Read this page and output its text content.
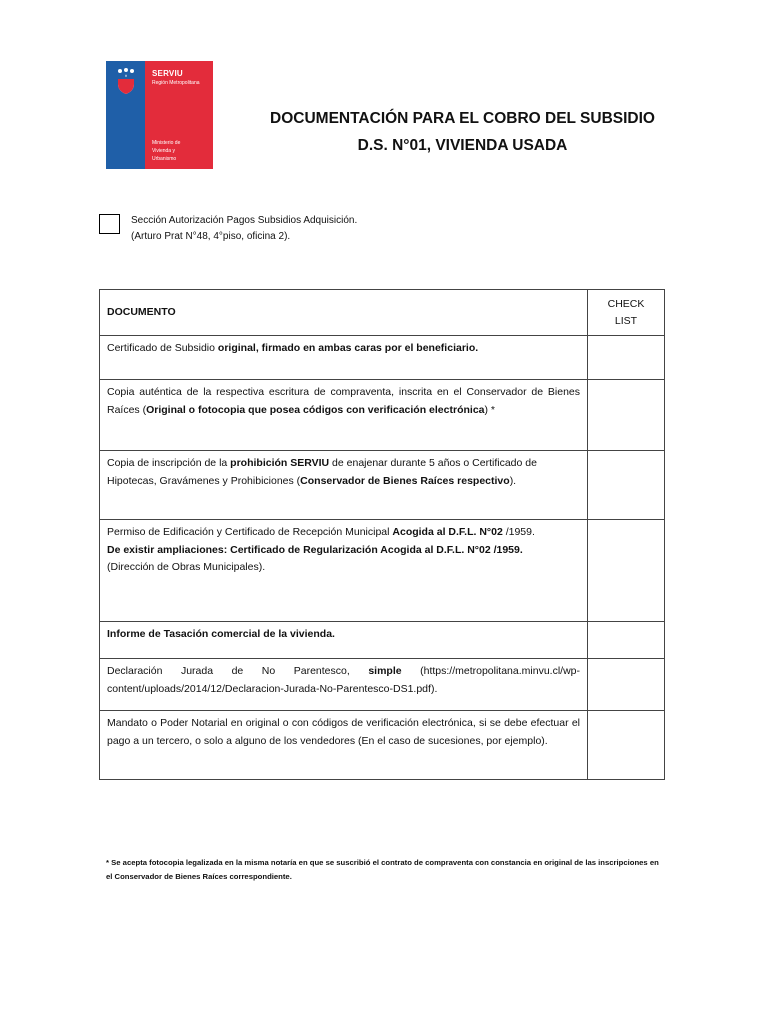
SERVIU
Región Metropolitana
Ministerio de
Vivienda y
Urbanismo
DOCUMENTACIÓN PARA EL COBRO DEL SUBSIDIO
D.S. N°01, VIVIENDA USADA
Sección Autorización Pagos Subsidios Adquisición.
(Arturo Prat N°48, 4°piso, oficina 2).
DOCUMENTO	CHECK
LIST

Certificado de Subsidio original, firmado en ambas caras por el beneficiario.	
Copia auténtica de la respectiva escritura de compraventa, inscrita en el Conservador de Bienes Raíces (Original o fotocopia que posea códigos con verificación electrónica) *	
Copia de inscripción de la prohibición SERVIU de enajenar durante 5 años o Certificado de Hipotecas, Gravámenes y Prohibiciones (Conservador de Bienes Raíces respectivo).	

Permiso de Edificación y Certificado de Recepción Municipal Acogida al D.F.L. N°02 /1959.
De existir ampliaciones: Certificado de Regularización Acogida al D.F.L. N°02 /1959.
(Dirección de Obras Municipales).	

Informe de Tasación comercial de la vivienda.	
Declaración Jurada de No Parentesco, simple (https://metropolitana.minvu.cl/wp-content/uploads/2014/12/Declaracion-Jurada-No-Parentesco-DS1.pdf).	
Mandato o Poder Notarial en original o con códigos de verificación electrónica, si se debe efectuar el pago a un tercero, o solo a alguno de los vendedores (En el caso de sucesiones, por ejemplo).	
* Se acepta fotocopia legalizada en la misma notaría en que se suscribió el contrato de compraventa con constancia en original de las inscripciones en el Conservador de Bienes Raíces correspondiente.
